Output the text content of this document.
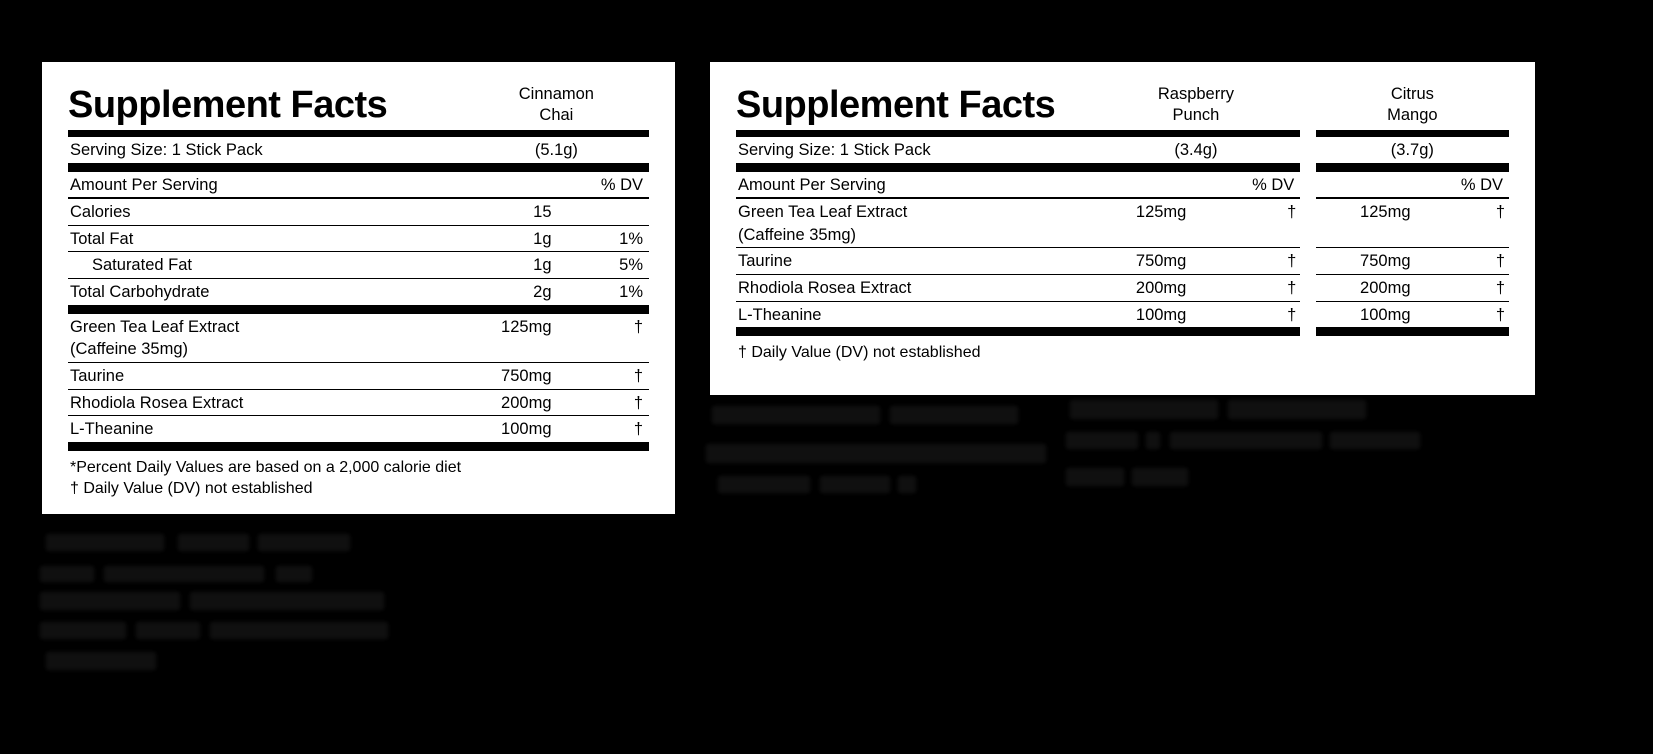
Supplement Facts		Cinnamon
Chai	

Serving Size: 1 Stick Pack		(5.1g)	

Amount Per Serving			% DV

Calories		15	

Total Fat		1g	1%

Saturated Fat		1g	5%

Total Carbohydrate		2g	1%

Green Tea Leaf Extract		125mg	†
(Caffeine 35mg)			

Taurine		750mg	†

Rhodiola Rosea Extract		200mg	†

L-Theanine		100mg	†

*Percent Daily Values are based on a 2,000 calorie diet
† Daily Value (DV) not established
Supplement Facts		Raspberry
Punch			Citrus
Mango	

Serving Size: 1 Stick Pack		(3.4g)			(3.7g)	

Amount Per Serving			% DV			% DV

Green Tea Leaf Extract		125mg	†		125mg	†
(Caffeine 35mg)						

Taurine		750mg	†		750mg	†

Rhodiola Rosea Extract		200mg	†		200mg	†

L-Theanine		100mg	†		100mg	†

† Daily Value (DV) not established
